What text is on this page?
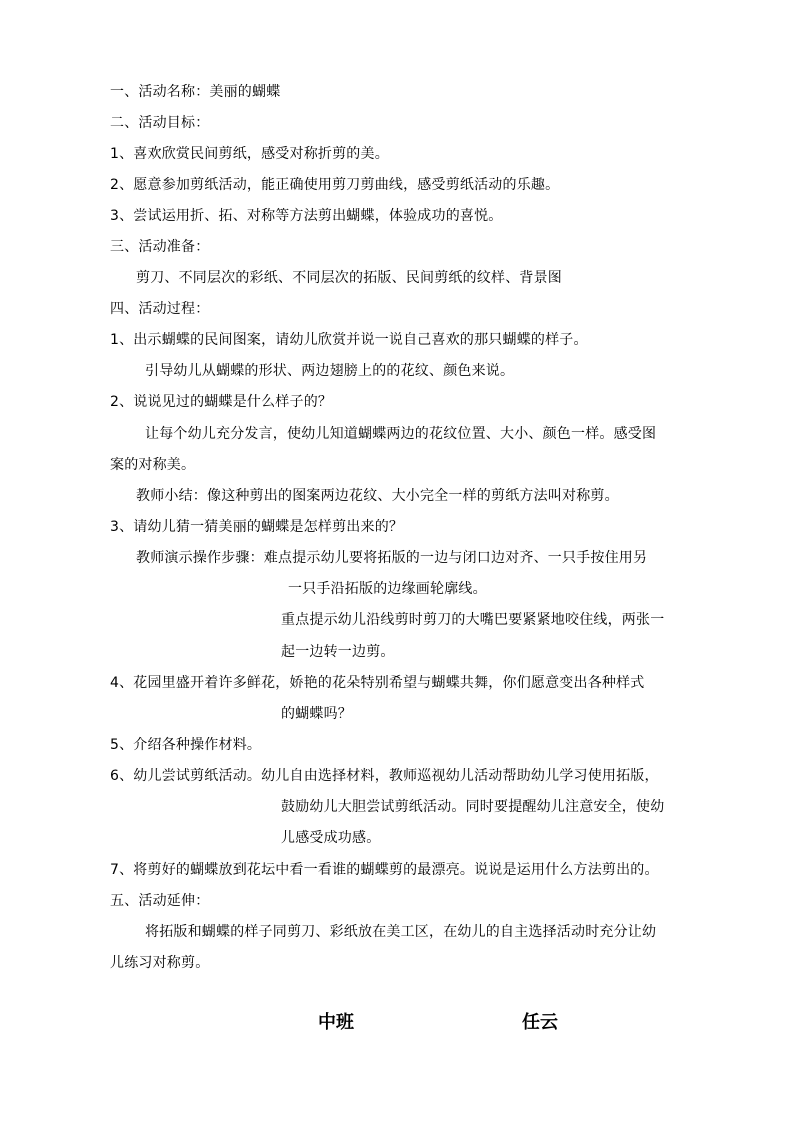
一、活动名称：美丽的蝴蝶
二、活动目标：
1、喜欢欣赏民间剪纸，感受对称折剪的美。
2、愿意参加剪纸活动，能正确使用剪刀剪曲线，感受剪纸活动的乐趣。
3、尝试运用折、拓、对称等方法剪出蝴蝶，体验成功的喜悦。
三、活动准备：
剪刀、不同层次的彩纸、不同层次的拓版、民间剪纸的纹样、背景图
四、活动过程：
1、出示蝴蝶的民间图案，请幼儿欣赏并说一说自己喜欢的那只蝴蝶的样子。
引导幼儿从蝴蝶的形状、两边翅膀上的的花纹、颜色来说。
2、说说见过的蝴蝶是什么样子的？
让每个幼儿充分发言，使幼儿知道蝴蝶两边的花纹位置、大小、颜色一样。感受图
案的对称美。
教师小结：像这种剪出的图案两边花纹、大小完全一样的剪纸方法叫对称剪。
3、请幼儿猜一猜美丽的蝴蝶是怎样剪出来的？
教师演示操作步骤：难点提示幼儿要将拓版的一边与闭口边对齐、一只手按住用另
一只手沿拓版的边缘画轮廓线。
重点提示幼儿沿线剪时剪刀的大嘴巴要紧紧地咬住线，两张一
起一边转一边剪。
4、花园里盛开着许多鲜花，娇艳的花朵特别希望与蝴蝶共舞，你们愿意变出各种样式
的蝴蝶吗？
5、介绍各种操作材料。
6、幼儿尝试剪纸活动。幼儿自由选择材料，教师巡视幼儿活动帮助幼儿学习使用拓版，
鼓励幼儿大胆尝试剪纸活动。同时要提醒幼儿注意安全，使幼
儿感受成功感。
7、将剪好的蝴蝶放到花坛中看一看谁的蝴蝶剪的最漂亮。说说是运用什么方法剪出的。
五、活动延伸：
将拓版和蝴蝶的样子同剪刀、彩纸放在美工区，在幼儿的自主选择活动时充分让幼
儿练习对称剪。
中班	任云
